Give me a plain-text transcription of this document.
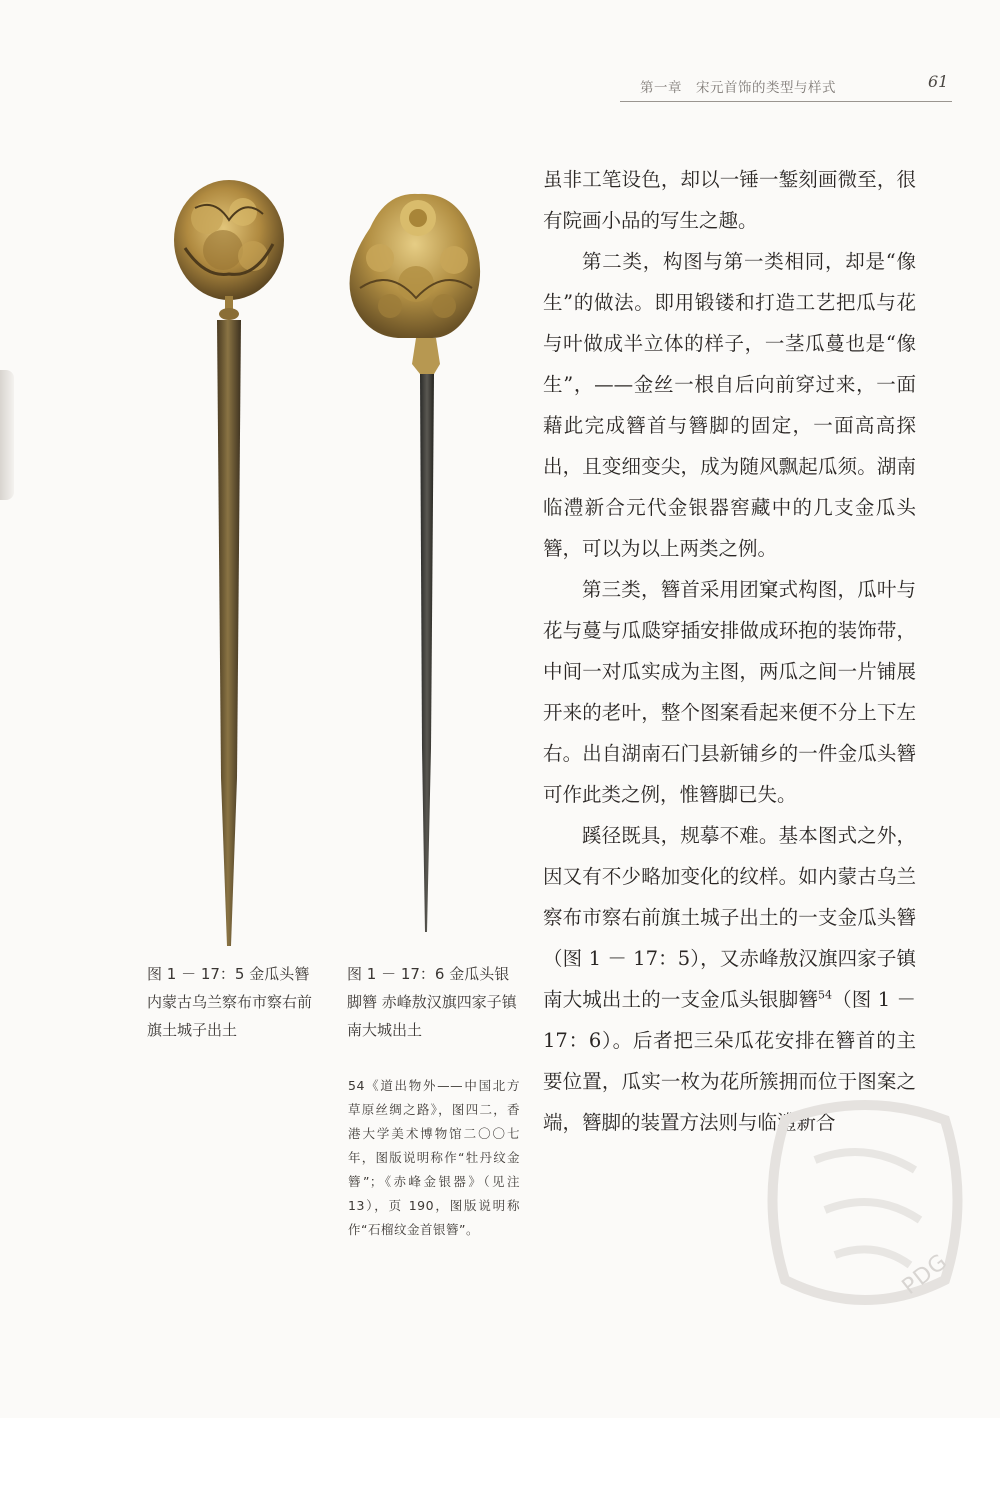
第一章　宋元首饰的类型与样式	61
图 1 － 17：5 金瓜头簪 内蒙古乌兰察布市察右前旗土城子出土
图 1 － 17：6 金瓜头银脚簪 赤峰敖汉旗四家子镇南大城出土
54《道出物外——中国北方草原丝绸之路》，图四二，香港大学美术博物馆二〇〇七年，图版说明称作“牡丹纹金簪”；《赤峰金银器》（见注13），页 190，图版说明称作“石榴纹金首银簪”。

虽非工笔设色，却以一锤一錾刻画微至，很有院画小品的写生之趣。

第二类，构图与第一类相同，却是“像生”的做法。即用锻镂和打造工艺把瓜与花与叶做成半立体的样子，一茎瓜蔓也是“像生”，——金丝一根自后向前穿过来，一面藉此完成簪首与簪脚的固定，一面高高探出，且变细变尖，成为随风飘起瓜须。湖南临澧新合元代金银器窖藏中的几支金瓜头簪，可以为以上两类之例。

第三类，簪首采用团窠式构图，瓜叶与花与蔓与瓜瓞穿插安排做成环抱的装饰带，中间一对瓜实成为主图，两瓜之间一片铺展开来的老叶，整个图案看起来便不分上下左右。出自湖南石门县新铺乡的一件金瓜头簪可作此类之例，惟簪脚已失。

蹊径既具，规摹不难。基本图式之外，因又有不少略加变化的纹样。如内蒙古乌兰察布市察右前旗土城子出土的一支金瓜头簪（图 1 － 17：5），又赤峰敖汉旗四家子镇南大城出土的一支金瓜头银脚簪$^{54}$（图 1 － 17：6）。后者把三朵瓜花安排在簪首的主要位置，瓜实一枚为花所簇拥而位于图案之端，簪脚的装置方法则与临澧新合

PDG
